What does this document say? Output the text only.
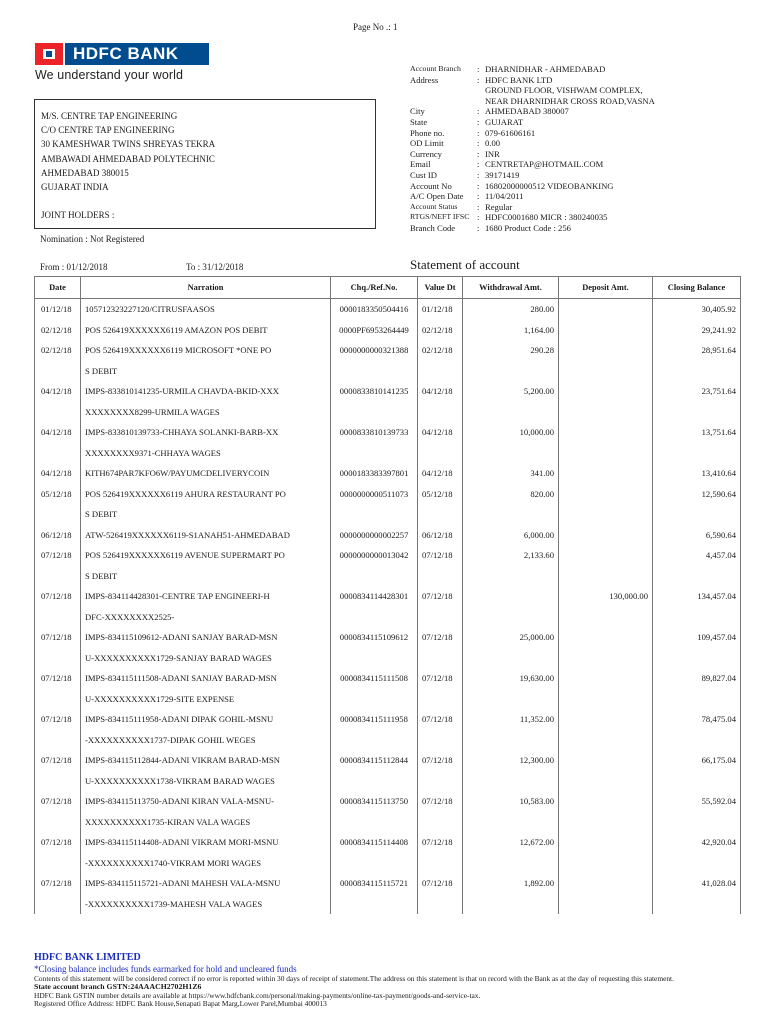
Page No .: 1
HDFC BANK
We understand your world	Account Branch	: DHARNIDHAR - AHMEDABAD
Address	: HDFC BANK LTD
GROUND FLOOR, VISHWAM COMPLEX,
NEAR DHARNIDHAR CROSS ROAD,VASNA
City	: AHMEDABAD 380007
State	: GUJARAT
Phone no.	: 079-61606161
OD Limit	: 0.00
Currency	: INR
Email	: CENTRETAP@HOTMAIL.COM
Cust ID	: 39171419
Account No	: 16802000000512 VIDEOBANKING
A/C Open Date	: 11/04/2011
Account Status	: Regular
RTGS/NEFT IFSC : HDFC0001680 MICR : 380240035
Branch Code	: 1680 Product Code : 256
M/S. CENTRE TAP ENGINEERING
C/O CENTRE TAP ENGINEERING
30 KAMESHWAR TWINS SHREYAS TEKRA
AMBAWADI AHMEDABAD POLYTECHNIC
AHMEDABAD 380015
GUJARAT INDIA
JOINT HOLDERS :
Nomination : Not Registered
From : 01/12/2018	To : 31/12/2018	Statement of account
Date	Narration	Chq./Ref.No.	Value Dt	Withdrawal Amt.	Deposit Amt.	Closing Balance
01/12/18	105712323227120/CITRUSFAASOS	0000183350504416	01/12/18	280.00		30,405.92
02/12/18	POS 526419XXXXXX6119 AMAZON POS DEBIT	0000PF6953264449	02/12/18	1,164.00		29,241.92
02/12/18	POS 526419XXXXXX6119 MICROSOFT *ONE PO	0000000000321388	02/12/18	290.28		28,951.64
	S DEBIT					
04/12/18	IMPS-833810141235-URMILA CHAVDA-BKID-XXX	0000833810141235	04/12/18	5,200.00		23,751.64
	XXXXXXXX8299-URMILA WAGES					
04/12/18	IMPS-833810139733-CHHAYA SOLANKI-BARB-XX	0000833810139733	04/12/18	10,000.00		13,751.64
	XXXXXXXX9371-CHHAYA WAGES					
04/12/18	KITH674PAR7KFO6W/PAYUMCDELIVERYCOIN	0000183383397801	04/12/18	341.00		13,410.64
05/12/18	POS 526419XXXXXX6119 AHURA RESTAURANT PO	0000000000511073	05/12/18	820.00		12,590.64
	S DEBIT					
06/12/18	ATW-526419XXXXXX6119-S1ANAH51-AHMEDABAD	0000000000002257	06/12/18	6,000.00		6,590.64
07/12/18	POS 526419XXXXXX6119 AVENUE SUPERMART PO	0000000000013042	07/12/18	2,133.60		4,457.04
	S DEBIT					
07/12/18	IMPS-834114428301-CENTRE TAP ENGINEERI-H	0000834114428301	07/12/18		130,000.00	134,457.04
	DFC-XXXXXXXX2525-					
07/12/18	IMPS-834115109612-ADANI SANJAY BARAD-MSN	0000834115109612	07/12/18	25,000.00		109,457.04
	U-XXXXXXXXXX1729-SANJAY BARAD WAGES					
07/12/18	IMPS-834115111508-ADANI SANJAY BARAD-MSN	0000834115111508	07/12/18	19,630.00		89,827.04
	U-XXXXXXXXXX1729-SITE EXPENSE					
07/12/18	IMPS-834115111958-ADANI DIPAK GOHIL-MSNU	0000834115111958	07/12/18	11,352.00		78,475.04
	-XXXXXXXXXX1737-DIPAK GOHIL WEGES					
07/12/18	IMPS-834115112844-ADANI VIKRAM BARAD-MSN	0000834115112844	07/12/18	12,300.00		66,175.04
	U-XXXXXXXXXX1738-VIKRAM BARAD WAGES					
07/12/18	IMPS-834115113750-ADANI KIRAN VALA-MSNU-	0000834115113750	07/12/18	10,583.00		55,592.04
	XXXXXXXXXX1735-KIRAN VALA WAGES					
07/12/18	IMPS-834115114408-ADANI VIKRAM MORI-MSNU	0000834115114408	07/12/18	12,672.00		42,920.04
	-XXXXXXXXXX1740-VIKRAM MORI WAGES					
07/12/18	IMPS-834115115721-ADANI MAHESH VALA-MSNU	0000834115115721	07/12/18	1,892.00		41,028.04
	-XXXXXXXXXX1739-MAHESH VALA WAGES					
HDFC BANK LIMITED
*Closing balance includes funds earmarked for hold and uncleared funds
Contents of this statement will be considered correct if no error is reported within 30 days of receipt of statement.The address on this statement is that on record with the Bank as at the day of requesting this statement.
State account branch GSTN:24AAACH2702H1Z6
HDFC Bank GSTIN number details are available at https://www.hdfcbank.com/personal/making-payments/online-tax-payment/goods-and-service-tax.
Registered Office Address: HDFC Bank House,Senapati Bapat Marg,Lower Parel,Mumbai 400013
